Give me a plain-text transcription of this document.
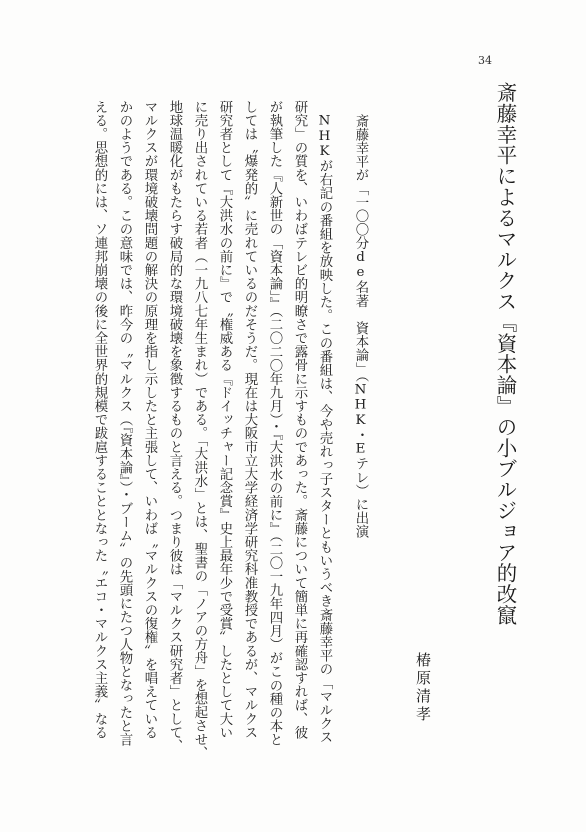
34
斎藤幸平によるマルクス『資本論』の小ブルジョア的改竄
椿原清孝
斎藤幸平が「一〇〇分de名著　資本論」（NHK・Eテレ）に出演
　NHKが右記の番組を放映した。この番組は、今や売れっ子スターともいうべき斎藤幸平の「マルクス
研究」の質を、いわばテレビ的明瞭さで露骨に示すものであった。斎藤について簡単に再確認すれば、彼
が執筆した『人新世の「資本論」』（二〇二〇年九月）・『大洪水の前に』（二〇一九年四月）がこの種の本と
しては〝爆発的〟に売れているのだそうだ。現在は大阪市立大学経済学研究科准教授であるが、マルクス
研究者として『大洪水の前に』で〝権威ある『ドイッチャー記念賞』史上最年少で受賞〟したとして大い
に売り出されている若者（一九八七年生まれ）である。「大洪水」とは、聖書の「ノアの方舟」を想起させ、
地球温暖化がもたらす破局的な環境破壊を象徴するものと言える。つまり彼は「マルクス研究者」として、
マルクスが環境破壊問題の解決の原理を指し示したと主張して、いわば〝マルクスの復権〟を唱えている
かのようである。この意味では、昨今の〝マルクス（『資本論』）・ブーム〟の先頭にたつ人物となったと言
える。思想的には、ソ連邦崩壊の後に全世界的規模で跋扈することとなった〝エコ・マルクス主義〟なる
